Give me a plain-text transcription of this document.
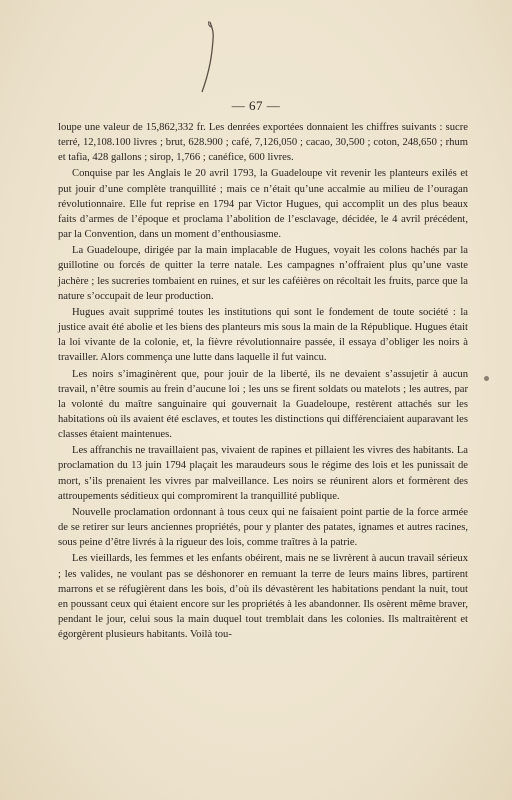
— 67 —

loupe une valeur de 15,862,332 fr. Les denrées exportées donnaient les chiffres suivants : sucre terré, 12,108.100 livres ; brut, 628.900 ; café, 7,126,050 ; cacao, 30,500 ; coton, 248,650 ; rhum et tafia, 428 gallons ; sirop, 1,766 ; canéfice, 600 livres.

Conquise par les Anglais le 20 avril 1793, la Guadeloupe vit revenir les planteurs exilés et put jouir d’une complète tranquillité ; mais ce n’était qu’une accalmie au milieu de l’ouragan révolutionnaire. Elle fut reprise en 1794 par Victor Hugues, qui accomplit un des plus beaux faits d’armes de l’époque et proclama l’abolition de l’esclavage, décidée, le 4 avril précédent, par la Convention, dans un moment d’enthousiasme.

La Guadeloupe, dirigée par la main implacable de Hugues, voyait les colons hachés par la guillotine ou forcés de quitter la terre natale. Les campagnes n’offraient plus qu’une vaste jachère ; les sucreries tombaient en ruines, et sur les caféières on récoltait les fruits, parce que la nature s’occupait de leur production.

Hugues avait supprimé toutes les institutions qui sont le fondement de toute société : la justice avait été abolie et les biens des planteurs mis sous la main de la République. Hugues était la loi vivante de la colonie, et, la fièvre révolutionnaire passée, il essaya d’obliger les noirs à travailler. Alors commença une lutte dans laquelle il fut vaincu.

Les noirs s’imaginèrent que, pour jouir de la liberté, ils ne devaient s’assujetir à aucun travail, n’être soumis au frein d’aucune loi ; les uns se firent soldats ou matelots ; les autres, par la volonté du maître sanguinaire qui gouvernait la Guadeloupe, restèrent attachés sur les habitations où ils avaient été esclaves, et toutes les distinctions qui différenciaient auparavant les classes étaient maintenues.

Les affranchis ne travaillaient pas, vivaient de rapines et pillaient les vivres des habitants. La proclamation du 13 juin 1794 plaçait les maraudeurs sous le régime des lois et les punissait de mort, s’ils prenaient les vivres par malveillance. Les noirs se réunirent alors et formèrent des attroupements séditieux qui compromirent la tranquillité publique.

Nouvelle proclamation ordonnant à tous ceux qui ne faisaient point partie de la force armée de se retirer sur leurs anciennes propriétés, pour y planter des patates, ignames et autres racines, sous peine d’être livrés à la rigueur des lois, comme traîtres à la patrie.

Les vieillards, les femmes et les enfants obéirent, mais ne se livrèrent à aucun travail sérieux ; les valides, ne voulant pas se déshonorer en remuant la terre de leurs mains libres, partirent marrons et se réfugièrent dans les bois, d’où ils dévastèrent les habitations pendant la nuit, tout en poussant ceux qui étaient encore sur les propriétés à les abandonner. Ils osèrent même braver, pendant le jour, celui sous la main duquel tout tremblait dans les colonies. Ils maltraitèrent et égorgèrent plusieurs habitants. Voilà tou-
